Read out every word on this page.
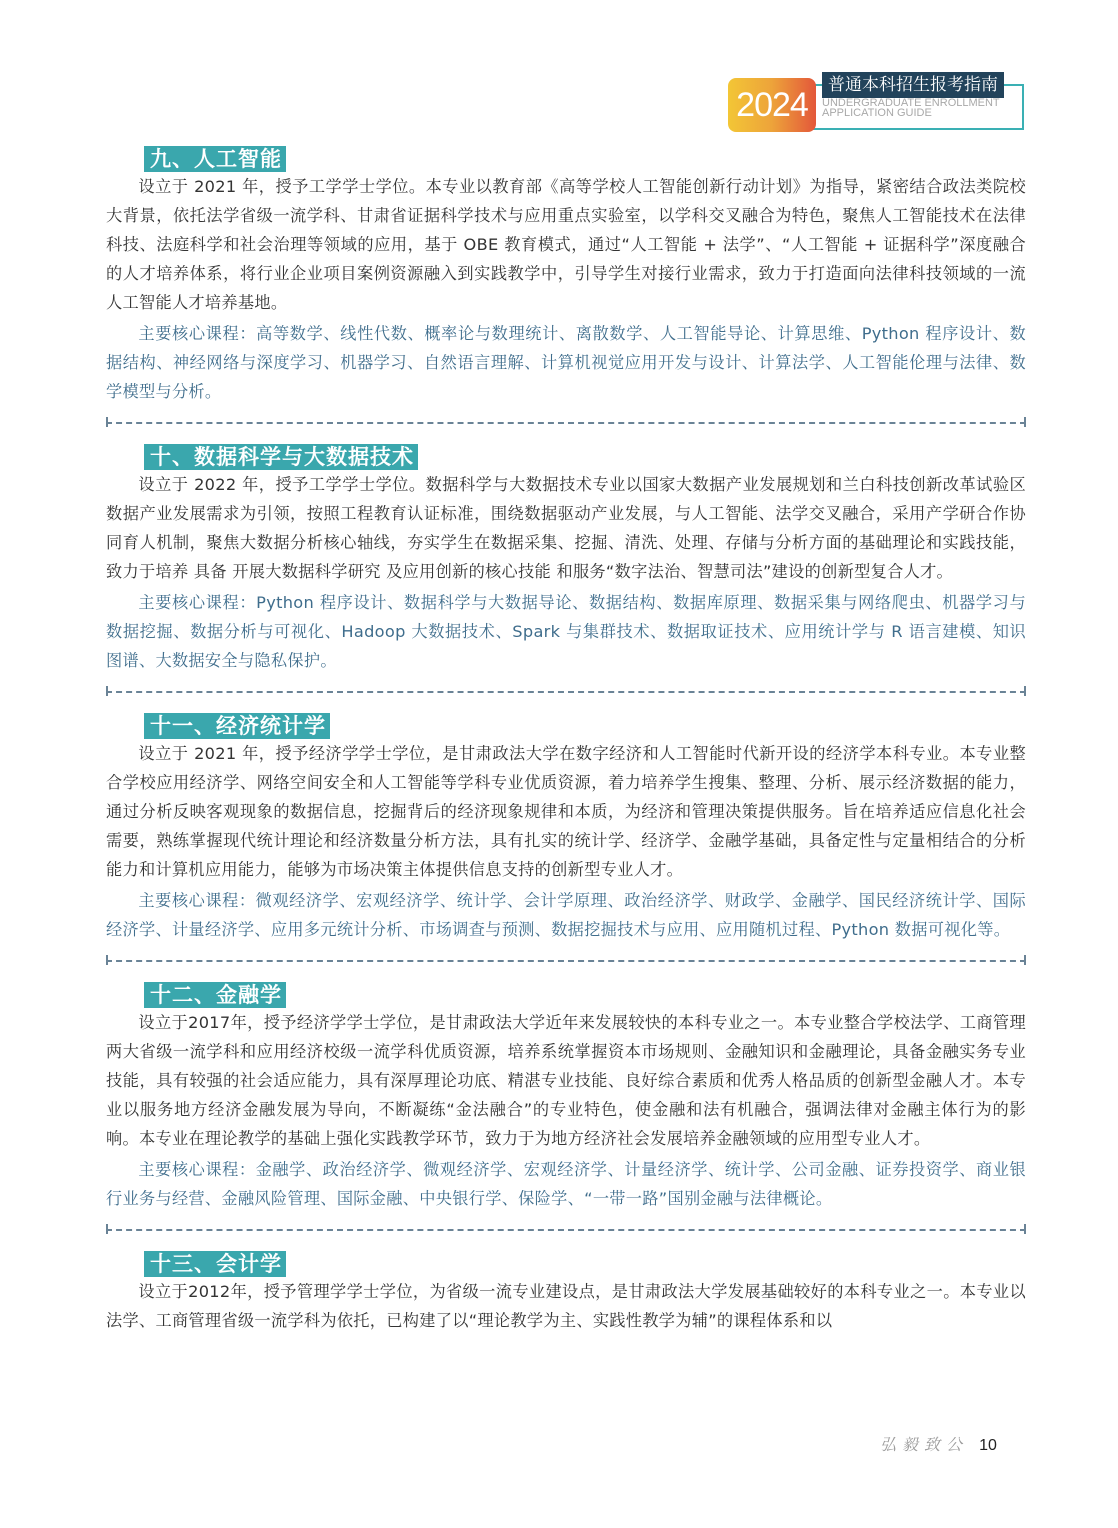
2024
普通本科招生报考指南
UNDERGRADUATE ENROLLMENT
APPLICATION GUIDE
九、人工智能

设立于 2021 年，授予工学学士学位。本专业以教育部《高等学校人工智能创新行动计划》为指导，紧密结合政法类院校大背景，依托法学省级一流学科、甘肃省证据科学技术与应用重点实验室，以学科交叉融合为特色，聚焦人工智能技术在法律科技、法庭科学和社会治理等领域的应用，基于 OBE 教育模式，通过“人工智能 + 法学”、“人工智能 + 证据科学”深度融合的人才培养体系，将行业企业项目案例资源融入到实践教学中，引导学生对接行业需求，致力于打造面向法律科技领域的一流人工智能人才培养基地。

主要核心课程：高等数学、线性代数、概率论与数理统计、离散数学、人工智能导论、计算思维、Python 程序设计、数据结构、神经网络与深度学习、机器学习、自然语言理解、计算机视觉应用开发与设计、计算法学、人工智能伦理与法律、数学模型与分析。

十、数据科学与大数据技术

设立于 2022 年，授予工学学士学位。数据科学与大数据技术专业以国家大数据产业发展规划和兰白科技创新改革试验区数据产业发展需求为引领，按照工程教育认证标准，围绕数据驱动产业发展，与人工智能、法学交叉融合，采用产学研合作协同育人机制，聚焦大数据分析核心轴线，夯实学生在数据采集、挖掘、清洗、处理、存储与分析方面的基础理论和实践技能，致力于培养 具备 开展大数据科学研究 及应用创新的核心技能 和服务“数字法治、智慧司法”建设的创新型复合人才。

主要核心课程：Python 程序设计、数据科学与大数据导论、数据结构、数据库原理、数据采集与网络爬虫、机器学习与数据挖掘、数据分析与可视化、Hadoop 大数据技术、Spark 与集群技术、数据取证技术、应用统计学与 R 语言建模、知识图谱、大数据安全与隐私保护。

十一、经济统计学

设立于 2021 年，授予经济学学士学位，是甘肃政法大学在数字经济和人工智能时代新开设的经济学本科专业。本专业整合学校应用经济学、网络空间安全和人工智能等学科专业优质资源，着力培养学生搜集、整理、分析、展示经济数据的能力，通过分析反映客观现象的数据信息，挖掘背后的经济现象规律和本质，为经济和管理决策提供服务。旨在培养适应信息化社会需要，熟练掌握现代统计理论和经济数量分析方法，具有扎实的统计学、经济学、金融学基础，具备定性与定量相结合的分析能力和计算机应用能力，能够为市场决策主体提供信息支持的创新型专业人才。

主要核心课程：微观经济学、宏观经济学、统计学、会计学原理、政治经济学、财政学、金融学、国民经济统计学、国际经济学、计量经济学、应用多元统计分析、市场调查与预测、数据挖掘技术与应用、应用随机过程、Python 数据可视化等。

十二、金融学

设立于2017年，授予经济学学士学位，是甘肃政法大学近年来发展较快的本科专业之一。本专业整合学校法学、工商管理两大省级一流学科和应用经济校级一流学科优质资源，培养系统掌握资本市场规则、金融知识和金融理论，具备金融实务专业技能，具有较强的社会适应能力，具有深厚理论功底、精湛专业技能、良好综合素质和优秀人格品质的创新型金融人才。本专业以服务地方经济金融发展为导向，不断凝练“金法融合”的专业特色，使金融和法有机融合，强调法律对金融主体行为的影响。本专业在理论教学的基础上强化实践教学环节，致力于为地方经济社会发展培养金融领域的应用型专业人才。

主要核心课程：金融学、政治经济学、微观经济学、宏观经济学、计量经济学、统计学、公司金融、证券投资学、商业银行业务与经营、金融风险管理、国际金融、中央银行学、保险学、“一带一路”国别金融与法律概论。

十三、会计学

设立于2012年，授予管理学学士学位，为省级一流专业建设点，是甘肃政法大学发展基础较好的本科专业之一。本专业以法学、工商管理省级一流学科为依托，已构建了以“理论教学为主、实践性教学为辅”的课程体系和以

弘毅致公 10
